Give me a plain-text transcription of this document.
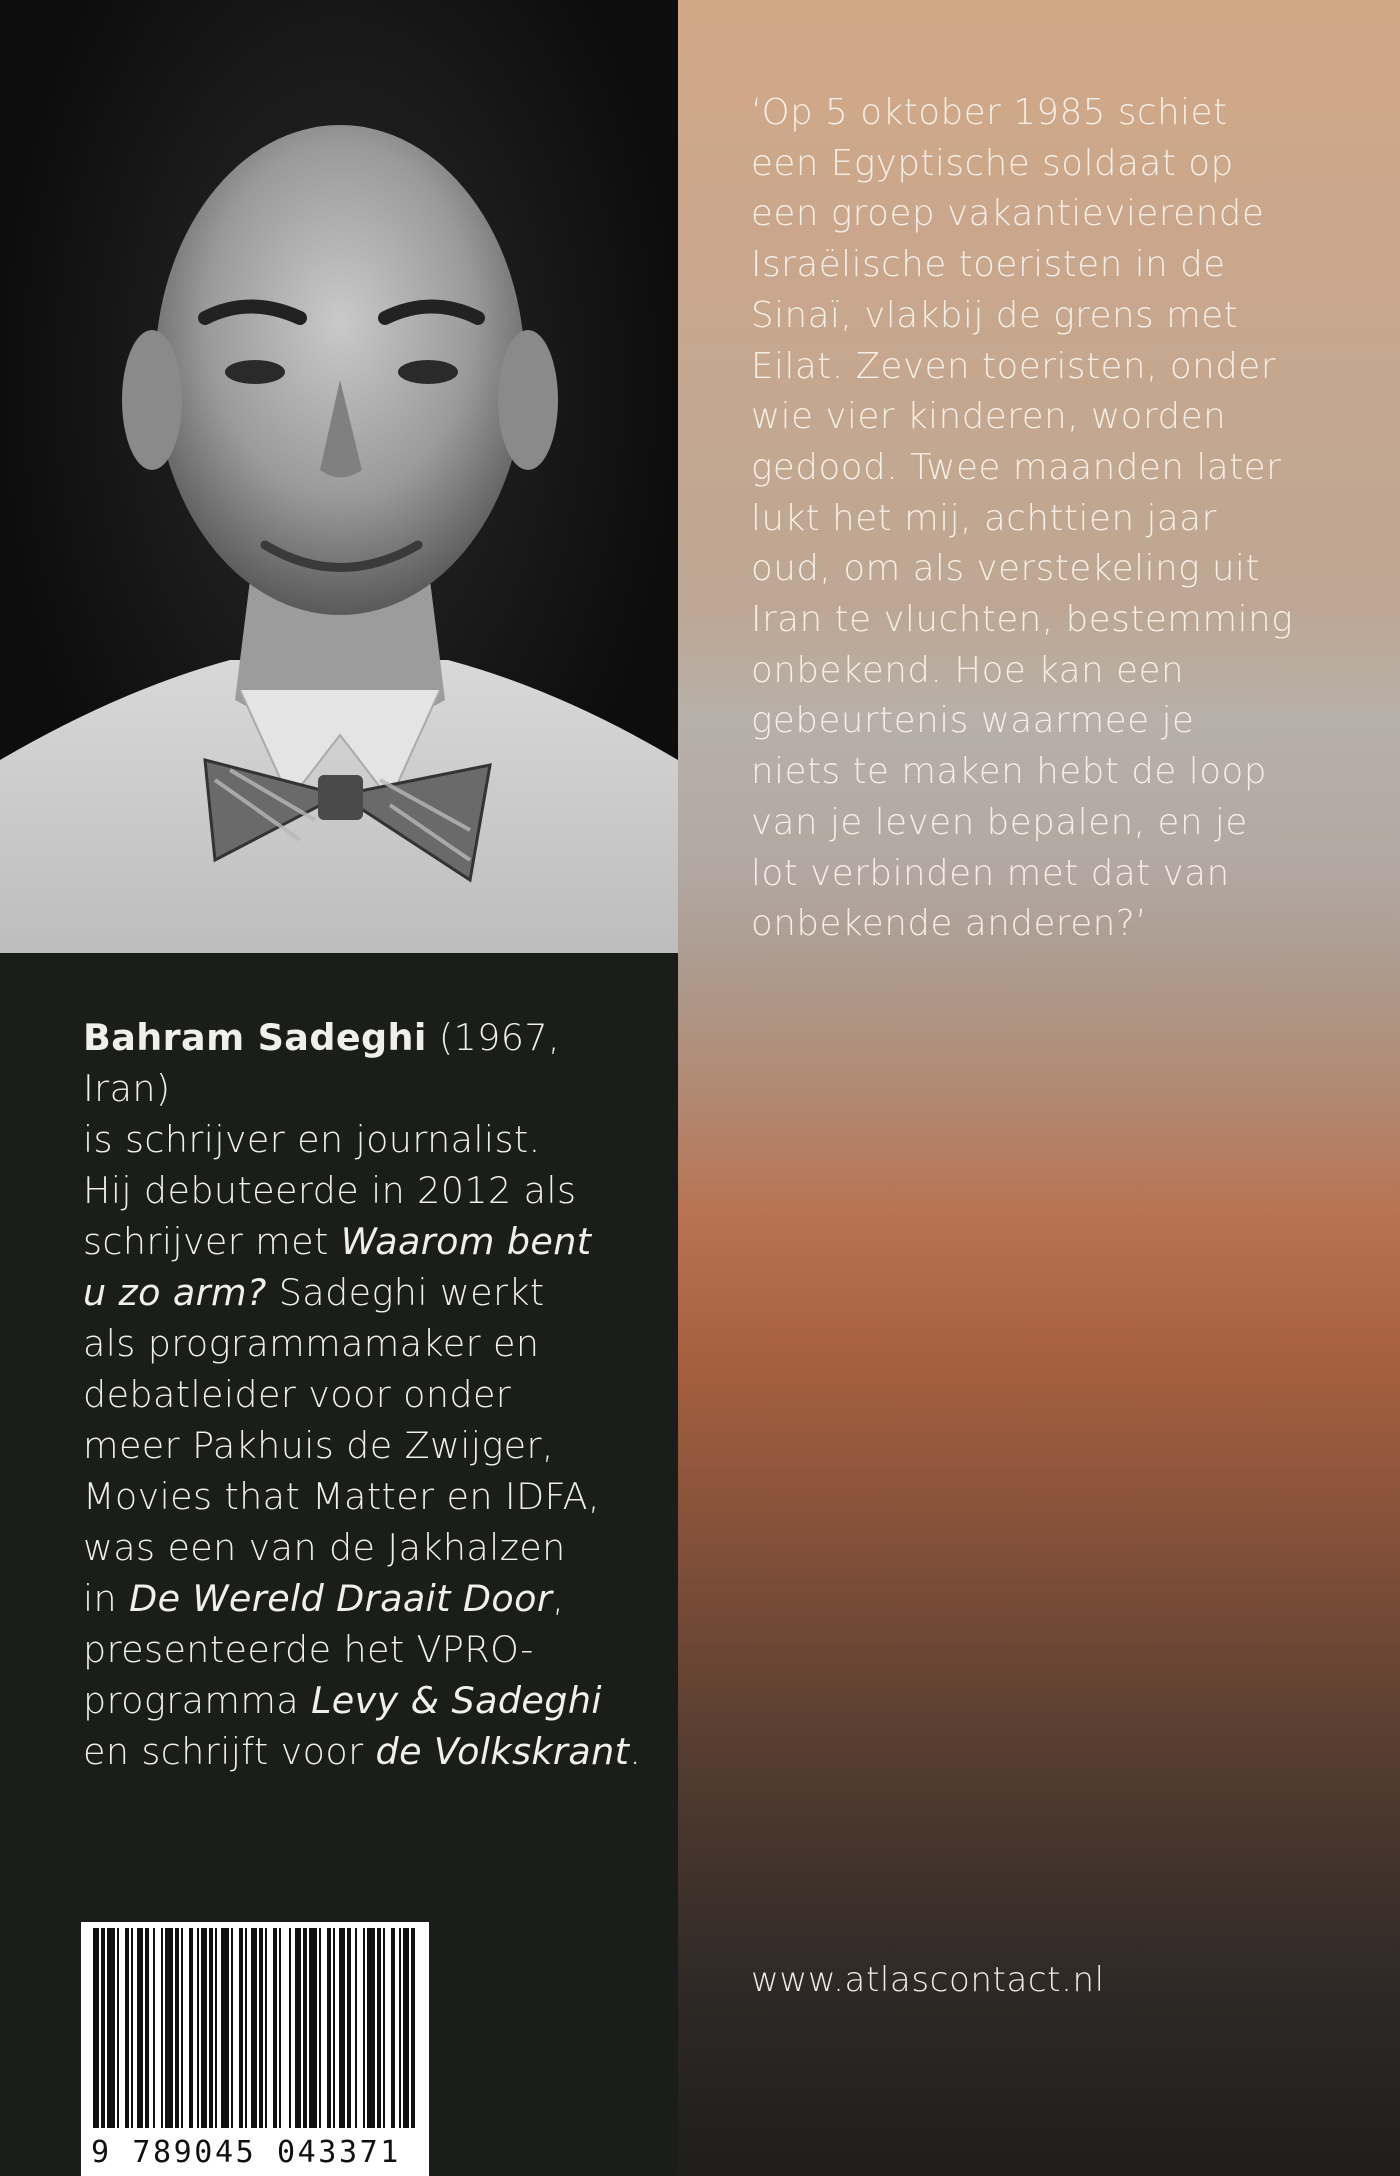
Bahram Sadeghi (1967, Iran)
is schrijver en journalist.
Hij debuteerde in 2012 als
schrijver met Waarom bent
u zo arm? Sadeghi werkt
als programmamaker en
debatleider voor onder
meer Pakhuis de Zwijger,
Movies that Matter en IDFA,
was een van de Jakhalzen
in De Wereld Draait Door,
presenteerde het VPRO-
programma Levy & Sadeghi
en schrijft voor de Volkskrant.
9 789045 043371
‘Op 5 oktober 1985 schiet
een Egyptische soldaat op
een groep vakantievierende
Israëlische toeristen in de
Sinaï, vlakbij de grens met
Eilat. Zeven toeristen, onder
wie vier kinderen, worden
gedood. Twee maanden later
lukt het mij, achttien jaar
oud, om als verstekeling uit
Iran te vluchten, bestemming
onbekend. Hoe kan een
gebeurtenis waarmee je
niets te maken hebt de loop
van je leven bepalen, en je
lot verbinden met dat van
onbekende anderen?’
www.atlascontact.nl
